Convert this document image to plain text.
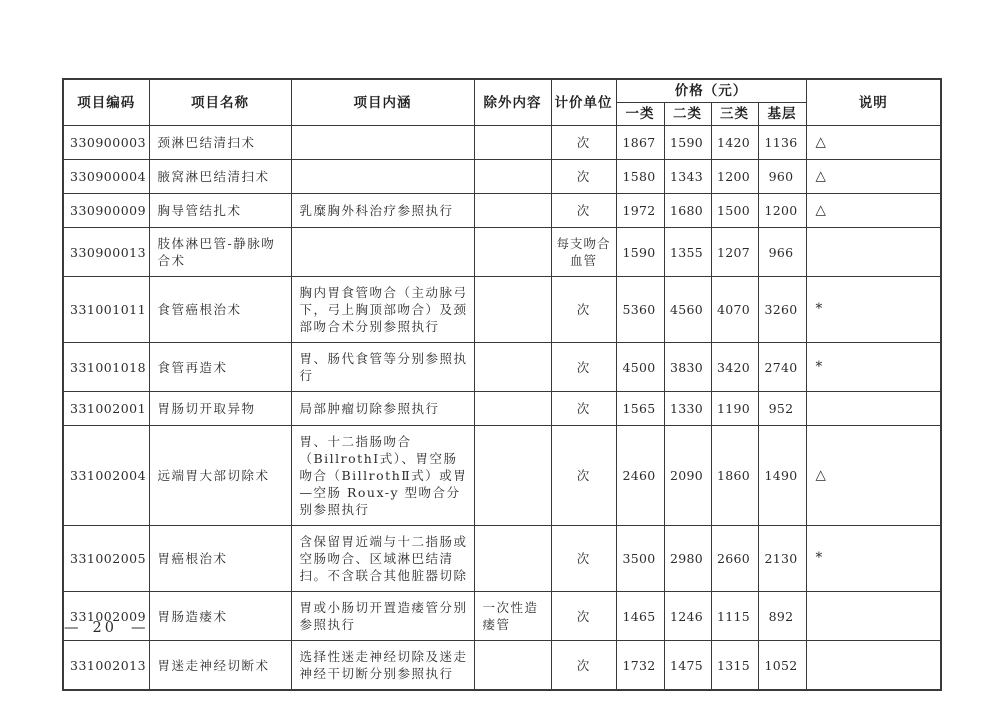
项目编码	项目名称	项目内涵	除外内容	计价单位	价格（元）				说明
					一类	二类	三类	基层	
330900003	颈淋巴结清扫术			次	1867	1590	1420	1136	△
330900004	腋窝淋巴结清扫术			次	1580	1343	1200	960	△
330900009	胸导管结扎术	乳糜胸外科治疗参照执行		次	1972	1680	1500	1200	△
330900013	肢体淋巴管-静脉吻合术			每支吻合血管	1590	1355	1207	966	
331001011	食管癌根治术	胸内胃食管吻合（主动脉弓下，弓上胸顶部吻合）及颈部吻合术分别参照执行		次	5360	4560	4070	3260	*
331001018	食管再造术	胃、肠代食管等分别参照执行		次	4500	3830	3420	2740	*
331002001	胃肠切开取异物	局部肿瘤切除参照执行		次	1565	1330	1190	952	
331002004	远端胃大部切除术	胃、十二指肠吻合（BillrothI式）、胃空肠吻合（BillrothⅡ式）或胃—空肠 Roux-y 型吻合分别参照执行		次	2460	2090	1860	1490	△
331002005	胃癌根治术	含保留胃近端与十二指肠或空肠吻合、区域淋巴结清扫。不含联合其他脏器切除		次	3500	2980	2660	2130	*
331002009	胃肠造瘘术	胃或小肠切开置造瘘管分别参照执行	一次性造瘘管	次	1465	1246	1115	892	
331002013	胃迷走神经切断术	选择性迷走神经切除及迷走神经干切断分别参照执行		次	1732	1475	1315	1052	
— 20 —
